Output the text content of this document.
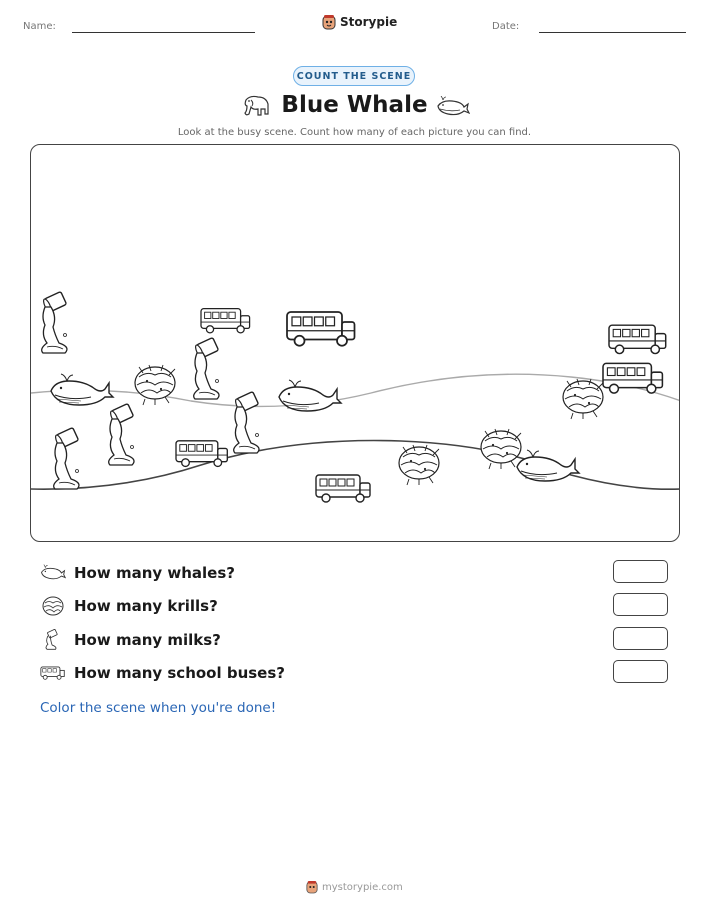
Name:	Storypie	Date:
COUNT THE SCENE
Blue Whale
Look at the busy scene. Count how many of each picture you can find.
How many whales?
How many krills?
How many milks?
How many school buses?
Color the scene when you're done!
mystorypie.com
